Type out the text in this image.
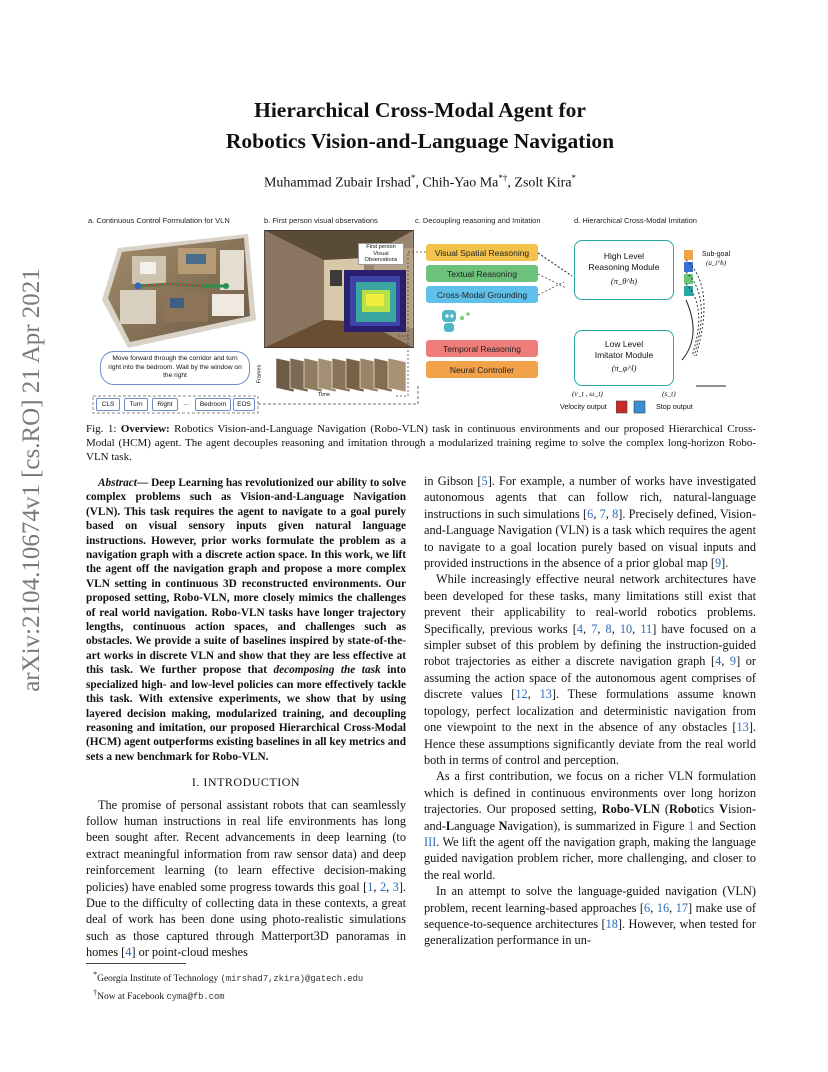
arXiv:2104.10674v1 [cs.RO] 21 Apr 2021
Hierarchical Cross-Modal Agent for
Robotics Vision-and-Language Navigation
Muhammad Zubair Irshad*, Chih-Yao Ma*†, Zsolt Kira*
a. Continuous Control Formulation for VLN	b. First person visual observations	c. Decoupling reasoning and Imitation	d. Hierarchical Cross-Modal Imitation
Move forward through the corridor and turn right into the bedroom. Wait by the window on the right
CLS	Turn	Right	...	Bedroom	EOS
First person
Visual Observations
Frames
Time
Visual Spatial Reasoning
Textual Reasoning
Cross-Modal Grounding
Temporal Reasoning
Neural Controller
High Level
Reasoning Module
(π_θ^h)
Sub-goal
(a_t^h)
Low Level
Imitator Module
(π_φ^l)
(v_t , ω_t)	(s_t)
Velocity output	Stop output
Fig. 1: Overview: Robotics Vision-and-Language Navigation (Robo-VLN) task in continuous environments and our proposed Hierarchical Cross-Modal (HCM) agent. The agent decouples reasoning and imitation through a modularized training regime to solve the complex long-horizon Robo-VLN task.

Abstract— Deep Learning has revolutionized our ability to solve complex problems such as Vision-and-Language Navigation (VLN). This task requires the agent to navigate to a goal purely based on visual sensory inputs given natural language instructions. However, prior works formulate the problem as a navigation graph with a discrete action space. In this work, we lift the agent off the navigation graph and propose a more complex VLN setting in continuous 3D reconstructed environments. Our proposed setting, Robo-VLN, more closely mimics the challenges of real world navigation. Robo-VLN tasks have longer trajectory lengths, continuous action spaces, and challenges such as obstacles. We provide a suite of baselines inspired by state-of-the-art works in discrete VLN and show that they are less effective at this task. We further propose that decomposing the task into specialized high- and low-level policies can more effectively tackle this task. With extensive experiments, we show that by using layered decision making, modularized training, and decoupling reasoning and imitation, our proposed Hierarchical Cross-Modal (HCM) agent outperforms existing baselines in all key metrics and sets a new benchmark for Robo-VLN.

I. INTRODUCTION

The promise of personal assistant robots that can seamlessly follow human instructions in real life environments has long been sought after. Recent advancements in deep learning (to extract meaningful information from raw sensor data) and deep reinforcement learning (to learn effective decision-making policies) have enabled some progress towards this goal [1, 2, 3]. Due to the difficulty of collecting data in these contexts, a great deal of work has been done using photo-realistic simulations such as those captured through Matterport3D panoramas in homes [4] or point-cloud meshes

*Georgia Institute of Technology (mirshad7,zkira)@gatech.edu
†Now at Facebook cyma@fb.com

in Gibson [5]. For example, a number of works have investigated autonomous agents that can follow rich, natural-language instructions in such simulations [6, 7, 8]. Precisely defined, Vision-and-Language Navigation (VLN) is a task which requires the agent to navigate to a goal location purely based on visual inputs and provided instructions in the absence of a prior global map [9].

While increasingly effective neural network architectures have been developed for these tasks, many limitations still exist that prevent their applicability to real-world robotics problems. Specifically, previous works [4, 7, 8, 10, 11] have focused on a simpler subset of this problem by defining the instruction-guided robot trajectories as either a discrete navigation graph [4, 9] or assuming the action space of the autonomous agent comprises of discrete values [12, 13]. These formulations assume known topology, perfect localization and deterministic navigation from one viewpoint to the next in the absence of any obstacles [13]. Hence these assumptions significantly deviate from the real world both in terms of control and perception.

As a first contribution, we focus on a richer VLN formulation which is defined in continuous environments over long horizon trajectories. Our proposed setting, Robo-VLN (Robotics Vision-and-Language Navigation), is summarized in Figure 1 and Section III. We lift the agent off the navigation graph, making the language guided navigation problem richer, more challenging, and closer to the real world.

In an attempt to solve the language-guided navigation (VLN) problem, recent learning-based approaches [6, 16, 17] make use of sequence-to-sequence architectures [18]. However, when tested for generalization performance in un-
